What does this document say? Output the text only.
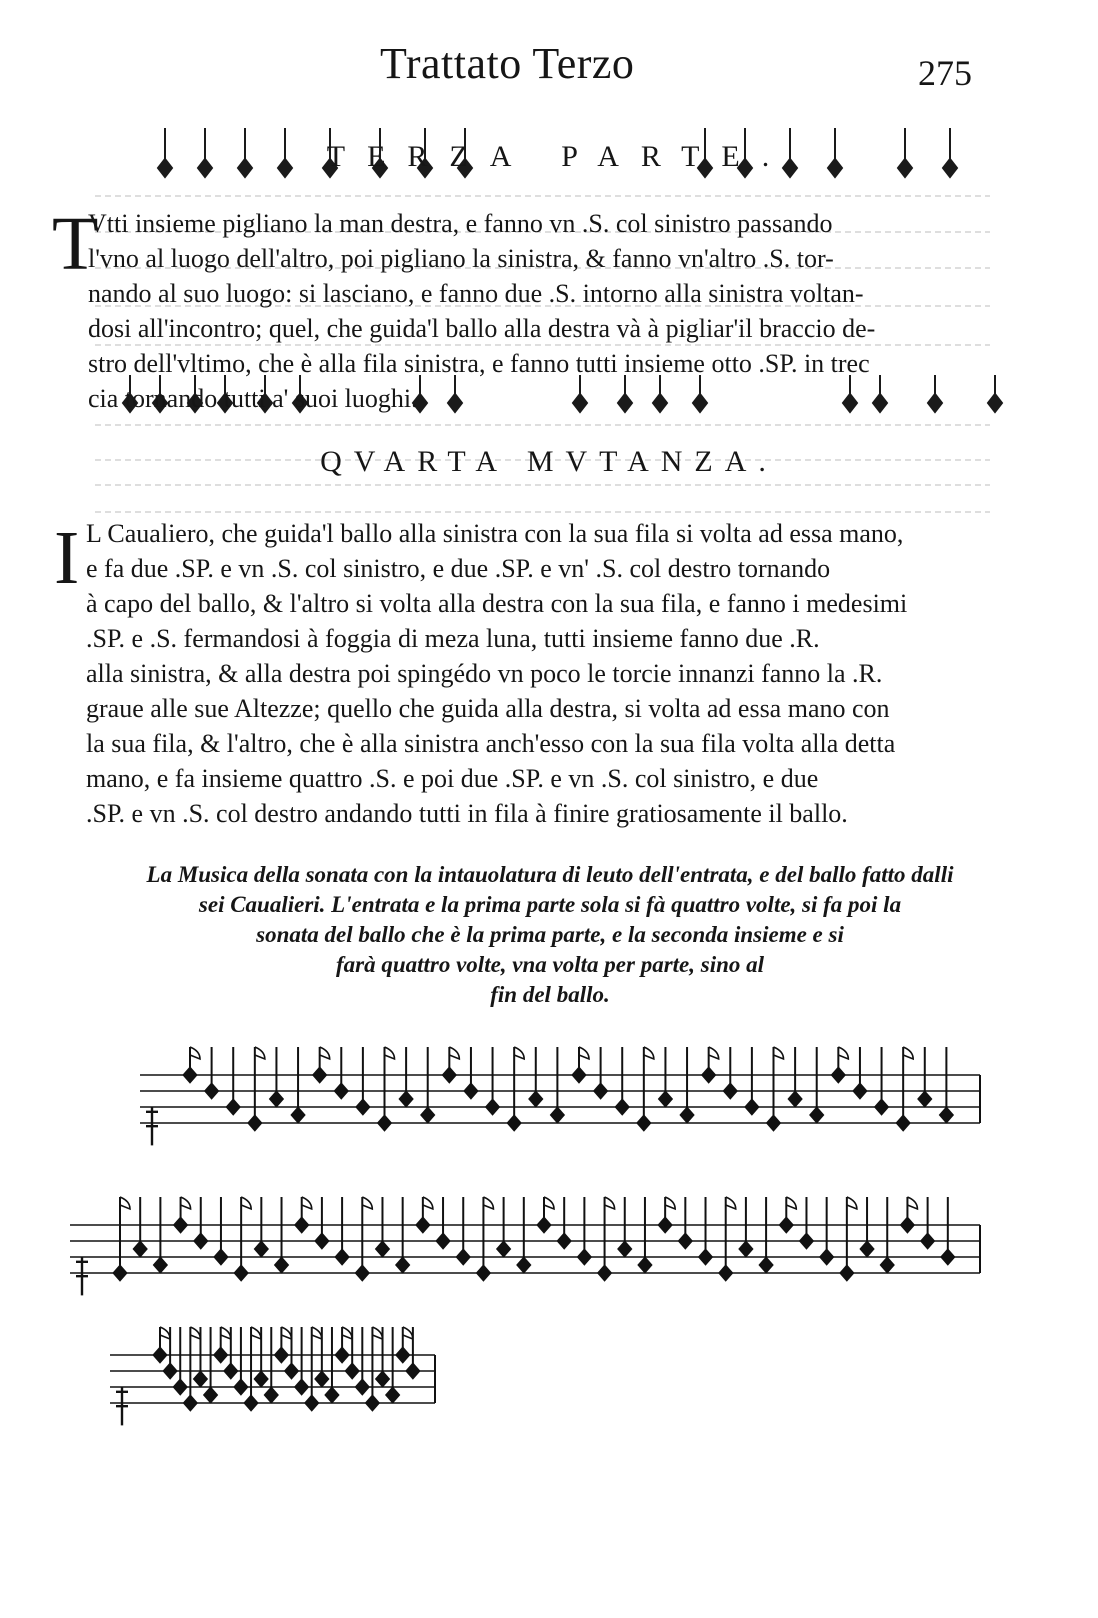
Trattato Terzo	275
TERZA PARTE.
T
Vtti insieme pigliano la man destra, e fanno vn .S. col sinistro passando
l'vno al luogo dell'altro, poi pigliano la sinistra, & fanno vn'altro .S. tor-
nando al suo luogo: si lasciano, e fanno due .S. intorno alla sinistra voltan-
dosi all'incontro; quel, che guida'l ballo alla destra và à pigliar'il braccio de-
stro dell'vltimo, che è alla fila sinistra, e fanno tutti insieme otto .SP. in trec
cia tornando tutti a' suoi luoghi.
QVARTA MVTANZA.
I L Caualiero, che guida'l ballo alla sinistra con la sua fila si volta ad essa mano,
e fa due .SP. e vn .S. col sinistro, e due .SP. e vn' .S. col destro tornando
à capo del ballo, & l'altro si volta alla destra con la sua fila, e fanno i medesimi
.SP. e .S. fermandosi à foggia di meza luna, tutti insieme fanno due .R.
alla sinistra, & alla destra poi spingédo vn poco le torcie innanzi fanno la .R.
graue alle sue Altezze; quello che guida alla destra, si volta ad essa mano con
la sua fila, & l'altro, che è alla sinistra anch'esso con la sua fila volta alla detta
mano, e fa insieme quattro .S. e poi due .SP. e vn .S. col sinistro, e due
.SP. e vn .S. col destro andando tutti in fila à finire gratiosamente il ballo.
La Musica della sonata con la intauolatura di leuto dell'entrata, e del ballo fatto dalli
sei Caualieri. L'entrata e la prima parte sola si fà quattro volte, si fa poi la
sonata del ballo che è la prima parte, e la seconda insieme e si
farà quattro volte, vna volta per parte, sino al
fin del ballo.
